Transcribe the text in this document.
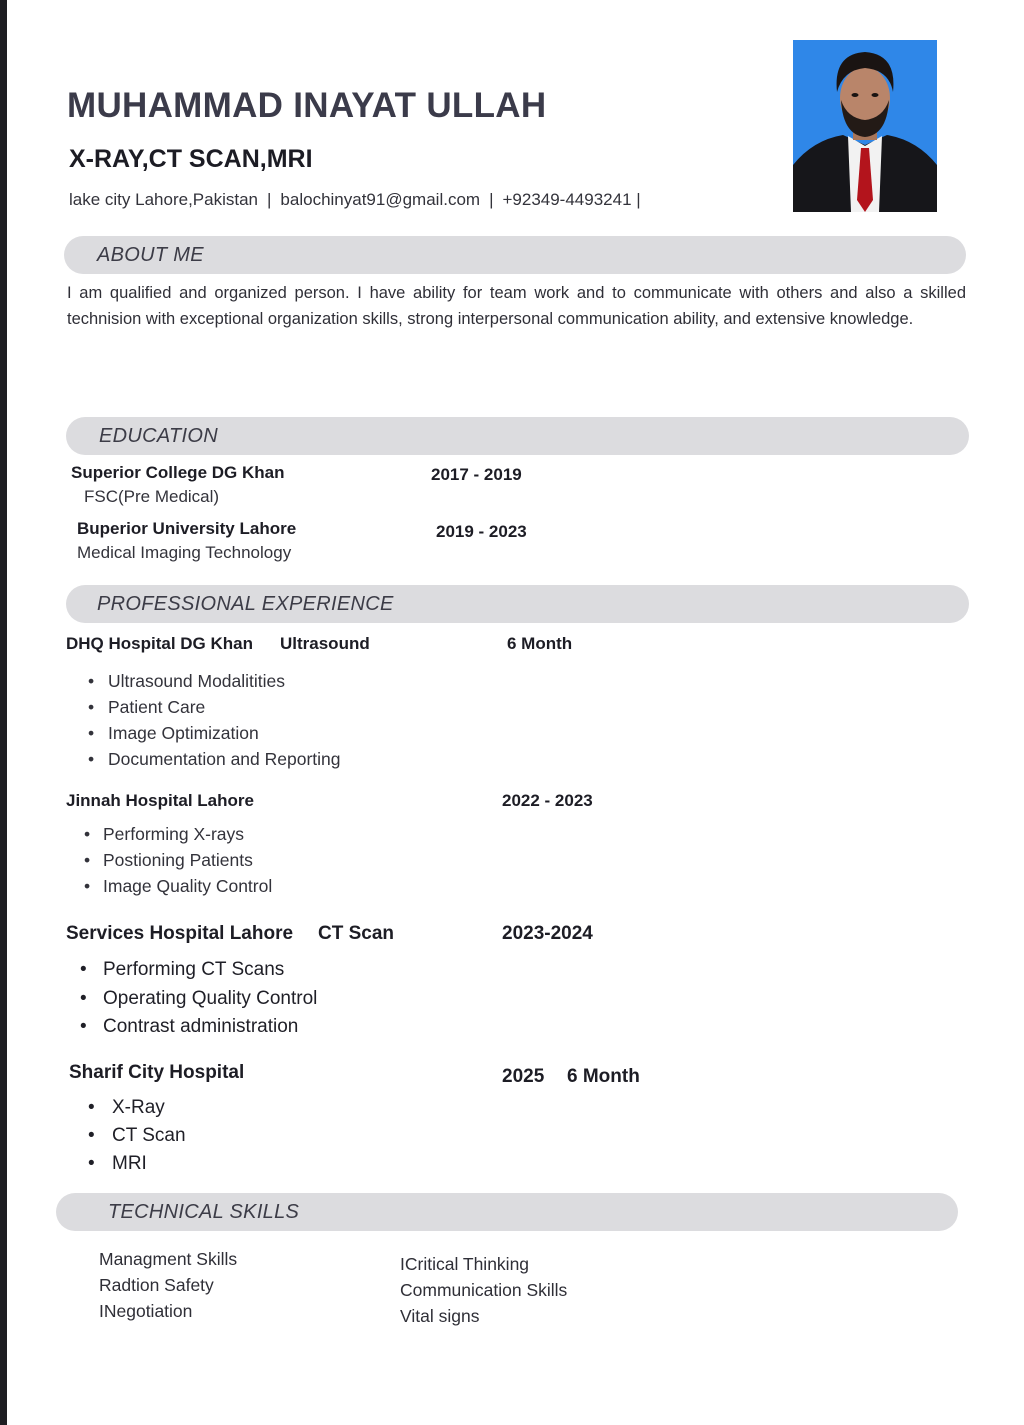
MUHAMMAD INAYAT ULLAH
X-RAY,CT SCAN,MRI
lake city Lahore,Pakistan | balochinyat91@gmail.com | +92349-4493241 |
ABOUT ME
I am qualified and organized person. I have ability for team work and to communicate with others and also a skilled technision with exceptional organization skills, strong interpersonal communication ability, and extensive knowledge.
EDUCATION
Superior College DG Khan
FSC(Pre Medical)
2017 - 2019
Buperior University Lahore
Medical Imaging Technology
2019 - 2023
PROFESSIONAL EXPERIENCE
DHQ Hospital DG Khan Ultrasound	6 Month
• Ultrasound Modalitities
• Patient Care
• Image Optimization
• Documentation and Reporting
Jinnah Hospital Lahore	2022 - 2023
• Performing X-rays
• Postioning Patients
• Image Quality Control
Services Hospital Lahore CT Scan	2023-2024
• Performing CT Scans
• Operating Quality Control
• Contrast administration
Sharif City Hospital	2025 6 Month
• X-Ray
• CT Scan
• MRI
TECHNICAL SKILLS
Managment Skills
Radtion Safety
INegotiation
ICritical Thinking
Communication Skills
Vital signs
